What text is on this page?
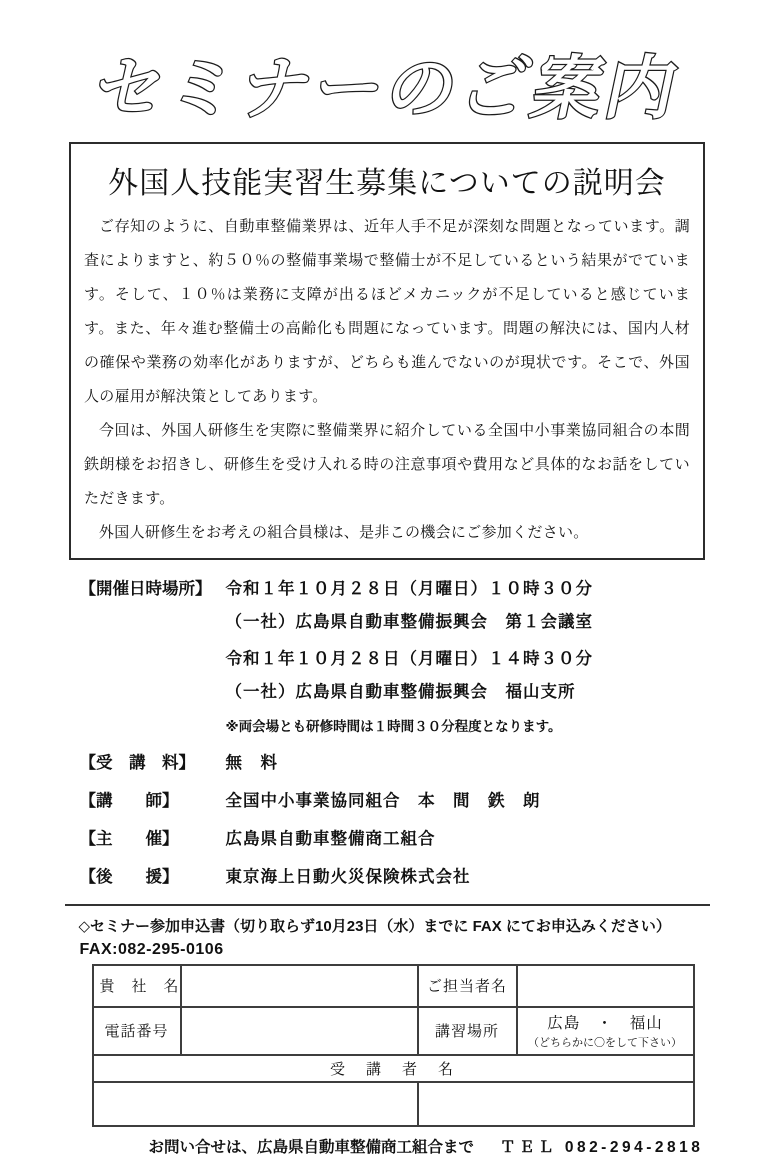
セミナーのご案内
外国人技能実習生募集についての説明会

ご存知のように、自動車整備業界は、近年人手不足が深刻な問題となっています。調査によりますと、約５０％の整備事業場で整備士が不足しているという結果がでています。そして、１０％は業務に支障が出るほどメカニックが不足していると感じています。また、年々進む整備士の高齢化も問題になっています。問題の解決には、国内人材の確保や業務の効率化がありますが、どちらも進んでないのが現状です。そこで、外国人の雇用が解決策としてあります。

今回は、外国人研修生を実際に整備業界に紹介している全国中小事業協同組合の本間鉄朗様をお招きし、研修生を受け入れる時の注意事項や費用など具体的なお話をしていただきます。

外国人研修生をお考えの組合員様は、是非この機会にご参加ください。

【開催日時場所】 令和１年１０月２８日（月曜日）１０時３０分
（一社）広島県自動車整備振興会　第１会議室
令和１年１０月２８日（月曜日）１４時３０分
（一社）広島県自動車整備振興会　福山支所
※両会場とも研修時間は１時間３０分程度となります。
【受　講　料】	無　料
【講　　師】	全国中小事業協同組合　本　間　鉄　朗
【主　　催】	広島県自動車整備商工組合
【後　　援】	東京海上日動火災保険株式会社
◇セミナー参加申込書（切り取らず10月23日（水）までに FAX にてお申込みください）
FAX:082-295-0106
貴　社　名		ご担当者名	
電話番号		講習場所	広島　・　福山
（どちらかに〇をして下さい）

受　講　者　名			

お問い合せは、広島県自動車整備商工組合まで ＴＥＬ 082-294-2818
